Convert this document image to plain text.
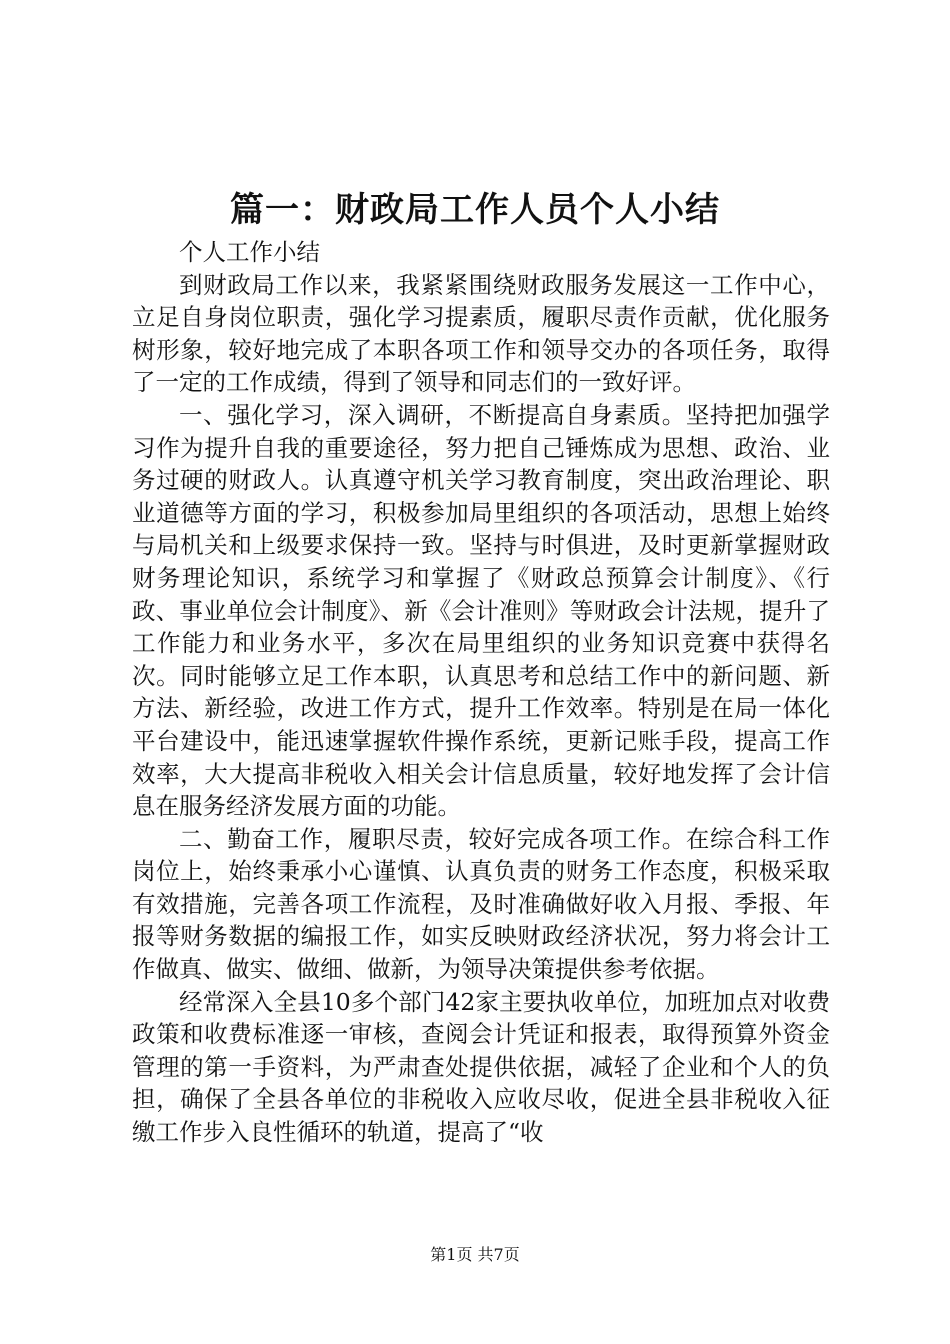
篇一：财政局工作人员个人小结

个人工作小结

到财政局工作以来，我紧紧围绕财政服务发展这一工作中心，立足自身岗位职责，强化学习提素质，履职尽责作贡献，优化服务树形象，较好地完成了本职各项工作和领导交办的各项任务，取得了一定的工作成绩，得到了领导和同志们的一致好评。

一、强化学习，深入调研，不断提高自身素质。坚持把加强学习作为提升自我的重要途径，努力把自己锤炼成为思想、政治、业务过硬的财政人。认真遵守机关学习教育制度，突出政治理论、职业道德等方面的学习，积极参加局里组织的各项活动，思想上始终与局机关和上级要求保持一致。坚持与时俱进，及时更新掌握财政财务理论知识，系统学习和掌握了《财政总预算会计制度》、《行政、事业单位会计制度》、新《会计准则》等财政会计法规，提升了工作能力和业务水平，多次在局里组织的业务知识竞赛中获得名次。同时能够立足工作本职，认真思考和总结工作中的新问题、新方法、新经验，改进工作方式，提升工作效率。特别是在局一体化平台建设中，能迅速掌握软件操作系统，更新记账手段，提高工作效率，大大提高非税收入相关会计信息质量，较好地发挥了会计信息在服务经济发展方面的功能。

二、勤奋工作，履职尽责，较好完成各项工作。在综合科工作岗位上，始终秉承小心谨慎、认真负责的财务工作态度，积极采取有效措施，完善各项工作流程，及时准确做好收入月报、季报、年报等财务数据的编报工作，如实反映财政经济状况，努力将会计工作做真、做实、做细、做新，为领导决策提供参考依据。

经常深入全县10多个部门42家主要执收单位，加班加点对收费政策和收费标准逐一审核，查阅会计凭证和报表，取得预算外资金管理的第一手资料，为严肃查处提供依据，减轻了企业和个人的负担，确保了全县各单位的非税收入应收尽收，促进全县非税收入征缴工作步入良性循环的轨道，提高了“收

第1页 共7页
